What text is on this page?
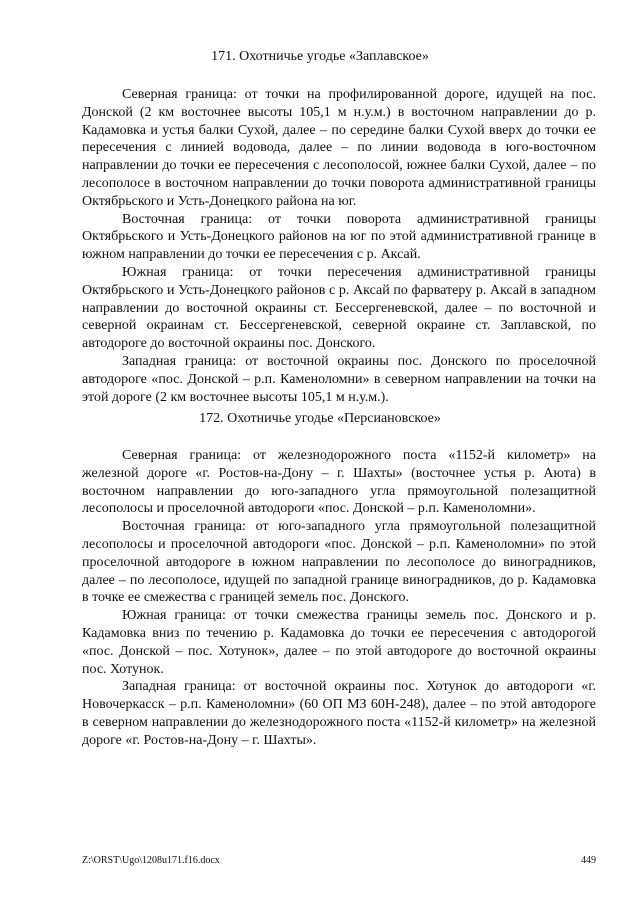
171. Охотничье угодье «Заплавское»

Северная граница: от точки на профилированной дороге, идущей на пос. Донской (2 км восточнее высоты 105,1 м н.у.м.) в восточном направлении до р. Кадамовка и устья балки Сухой, далее – по середине балки Сухой вверх до точки ее пересечения с линией водовода, далее – по линии водовода в юго-восточном направлении до точки ее пересечения с лесополосой, южнее балки Сухой, далее – по лесополосе в восточном направлении до точки поворота административной границы Октябрьского и Усть-Донецкого района на юг.

Восточная граница: от точки поворота административной границы Октябрьского и Усть-Донецкого районов на юг по этой административной границе в южном направлении до точки ее пересечения с р. Аксай.

Южная граница: от точки пересечения административной границы Октябрьского и Усть-Донецкого районов с р. Аксай по фарватеру р. Аксай в западном направлении до восточной окраины ст. Бессергеневской, далее – по восточной и северной окраинам ст. Бессергеневской, северной окраине ст. Заплавской, по автодороге до восточной окраины пос. Донского.

Западная граница: от восточной окраины пос. Донского по проселочной автодороге «пос. Донской – р.п. Каменоломни» в северном направлении на точки на этой дороге (2 км восточнее высоты 105,1 м н.у.м.).

172. Охотничье угодье «Персиановское»

Северная граница: от железнодорожного поста «1152-й километр» на железной дороге «г. Ростов-на-Дону – г. Шахты» (восточнее устья р. Аюта) в восточном направлении до юго-западного угла прямоугольной полезащитной лесополосы и проселочной автодороги «пос. Донской – р.п. Каменоломни».

Восточная граница: от юго-западного угла прямоугольной полезащитной лесополосы и проселочной автодороги «пос. Донской – р.п. Каменоломни» по этой проселочной автодороге в южном направлении по лесополосе до виноградников, далее – по лесополосе, идущей по западной границе виноградников, до р. Кадамовка в точке ее смежества с границей земель пос. Донского.

Южная граница: от точки смежества границы земель пос. Донского и р. Кадамовка вниз по течению р. Кадамовка до точки ее пересечения с автодорогой «пос. Донской – пос. Хотунок», далее – по этой автодороге до восточной окраины пос. Хотунок.

Западная граница: от восточной окраины пос. Хотунок до автодороги «г. Новочеркасск – р.п. Каменоломни» (60 ОП МЗ 60Н-248), далее – по этой автодороге в северном направлении до железнодорожного поста «1152-й километр» на железной дороге «г. Ростов-на-Дону – г. Шахты».

Z:\ORST\Ugo\1208u171.f16.docx	449
